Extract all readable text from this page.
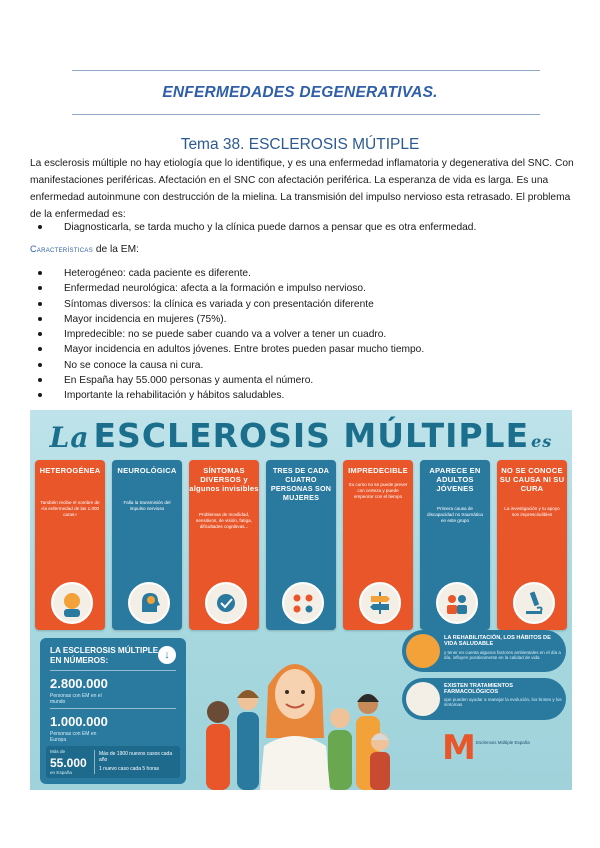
ENFERMEDADES DEGENERATIVAS.
Tema 38. ESCLEROSIS MÚTIPLE
La esclerosis múltiple no hay etiología que lo identifique, y es una enfermedad inflamatoria y degenerativa del SNC. Con manifestaciones periféricas. Afectación en el SNC con afectación periférica. La esperanza de vida es larga. Es una enfermedad autoinmune con destrucción de la mielina. La transmisión del impulso nervioso esta retrasado. El problema de la enfermedad es:
Diagnosticarla, se tarda mucho y la clínica puede darnos a pensar que es otra enfermedad.
Características de la EM:
Heterogéneo: cada paciente es diferente.
Enfermedad neurológica: afecta a la formación e impulso nervioso.
Síntomas diversos: la clínica es variada y con presentación diferente
Mayor incidencia en mujeres (75%).
Impredecible: no se puede saber cuando va a volver a tener un cuadro.
Mayor incidencia en adultos jóvenes. Entre brotes pueden pasar mucho tiempo.
No se conoce la causa ni cura.
En España hay 55.000 personas y aumenta el número.
Importante la rehabilitación y hábitos saludables.
La ESCLEROSIS MÚLTIPLE es
HETEROGÉNEA
También recibe el nombre de «la enfermedad de las 1.000 caras»
NEUROLÓGICA
Falla la transmisión del impulso nervioso
SÍNTOMAS DIVERSOS y algunos invisibles
Problemas de movilidad, sensitivos, de visión, fatiga, dificultades cognitivas...
TRES DE CADA CUATRO PERSONAS SON MUJERES
IMPREDECIBLE
Su curso no se puede prever con certeza y puede empeorar con el tiempo
APARECE EN ADULTOS JÓVENES
Primera causa de discapacidad no traumática en este grupo
NO SE CONOCE SU CAUSA NI SU CURA
La investigación y tu apoyo son imprescindibles
LA ESCLEROSIS MÚLTIPLE EN NÚMEROS:	↓
2.800.000
Personas con EM en el mundo
1.000.000
Personas con EM en Europa
Más de
55.000
en España
Más de 1900 nuevos casos cada año
1 nuevo caso cada 5 horas
LA REHABILITACIÓN, LOS HÁBITOS DE VIDA SALUDABLE
y tener en cuenta algunos factores ambientales en el día a día, influyen positivamente en la calidad de vida
EXISTEN TRATAMIENTOS FARMACOLÓGICOS
que pueden ayudar a manejar la evolución, los brotes y los síntomas
M Esclerosis Múltiple España
